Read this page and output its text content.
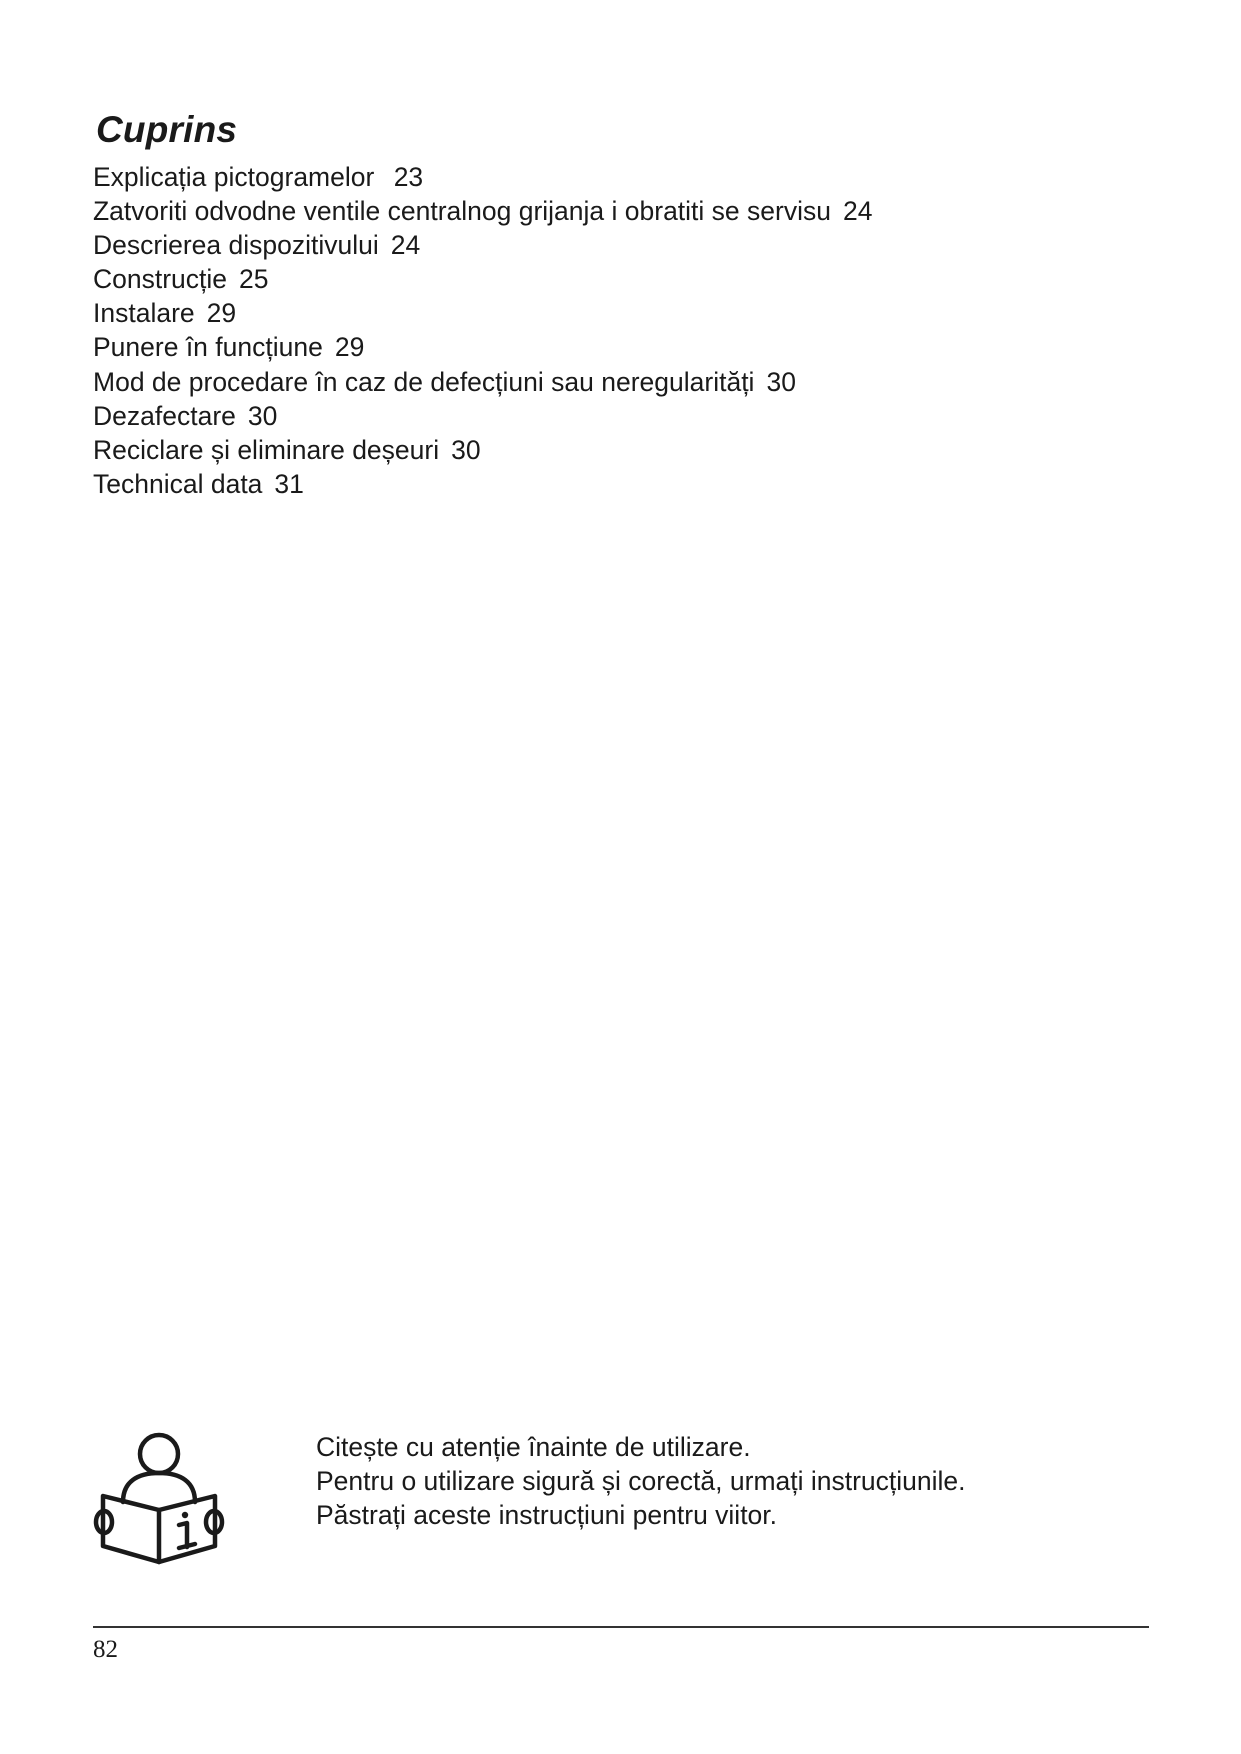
Cuprins
Explicația pictogramelor 23
Zatvoriti odvodne ventile centralnog grijanja i obratiti se servisu 24
Descrierea dispozitivului 24
Construcție 25
Instalare 29
Punere în funcțiune 29
Mod de procedare în caz de defecțiuni sau neregularități 30
Dezafectare 30
Reciclare și eliminare deșeuri 30
Technical data 31
Citește cu atenție înainte de utilizare.
Pentru o utilizare sigură și corectă, urmați instrucțiunile.
Păstrați aceste instrucțiuni pentru viitor.
82
